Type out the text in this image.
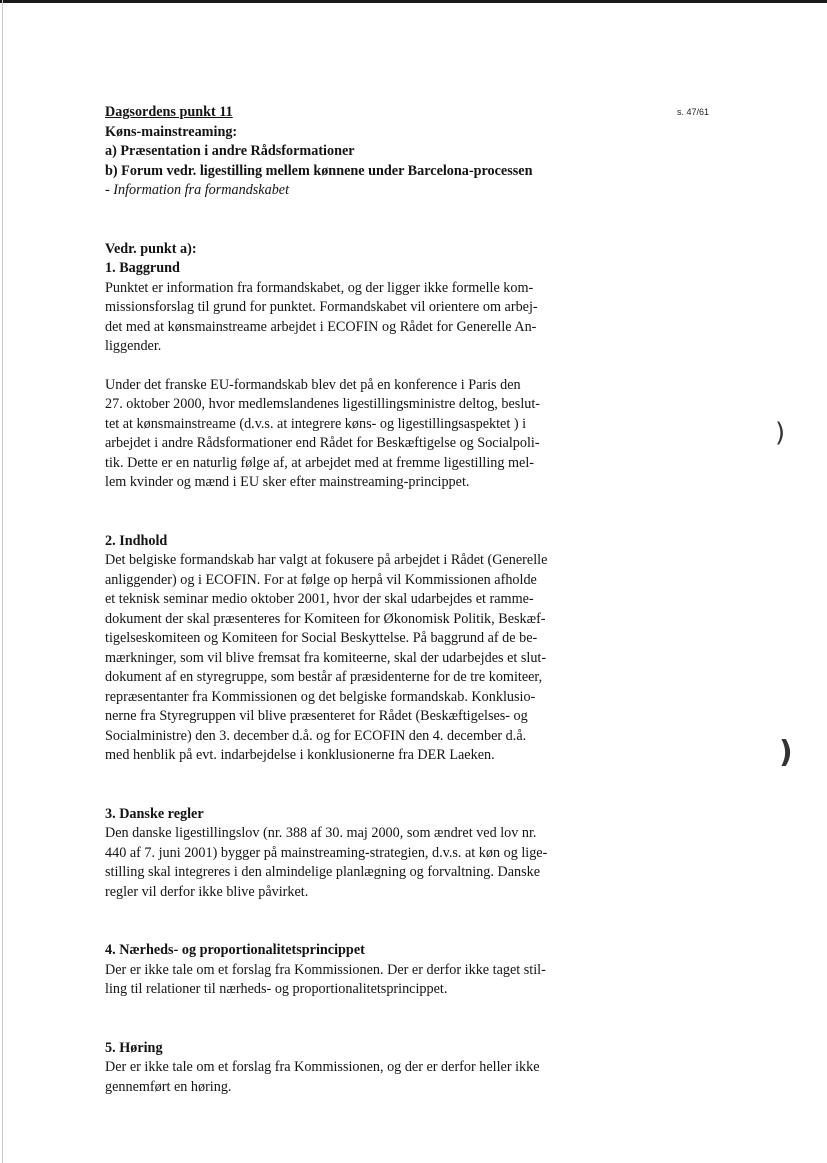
s. 47/61
)
)

Dagsordens punkt 11

Køns-mainstreaming:

a) Præsentation i andre Rådsformationer

b) Forum vedr. ligestilling mellem kønnene under Barcelona-processen

- Information fra formandskabet

Vedr. punkt a):

1. Baggrund

Punktet er information fra formandskabet, og der ligger ikke formelle kom-

missionsforslag til grund for punktet. Formandskabet vil orientere om arbej-

det med at kønsmainstreame arbejdet i ECOFIN og Rådet for Generelle An-

liggender.

Under det franske EU-formandskab blev det på en konference i Paris den

27. oktober 2000, hvor medlemslandenes ligestillingsministre deltog, beslut-

tet at kønsmainstreame (d.v.s. at integrere køns- og ligestillingsaspektet ) i

arbejdet i andre Rådsformationer end Rådet for Beskæftigelse og Socialpoli-

tik. Dette er en naturlig følge af, at arbejdet med at fremme ligestilling mel-

lem kvinder og mænd i EU sker efter mainstreaming-princippet.

2. Indhold

Det belgiske formandskab har valgt at fokusere på arbejdet i Rådet (Generelle

anliggender) og i ECOFIN. For at følge op herpå vil Kommissionen afholde

et teknisk seminar medio oktober 2001, hvor der skal udarbejdes et ramme-

dokument der skal præsenteres for Komiteen for Økonomisk Politik, Beskæf-

tigelseskomiteen og Komiteen for Social Beskyttelse. På baggrund af de be-

mærkninger, som vil blive fremsat fra komiteerne, skal der udarbejdes et slut-

dokument af en styregruppe, som består af præsidenterne for de tre komiteer,

repræsentanter fra Kommissionen og det belgiske formandskab. Konklusio-

nerne fra Styregruppen vil blive præsenteret for Rådet (Beskæftigelses- og

Socialministre) den 3. december d.å. og for ECOFIN den 4. december d.å.

med henblik på evt. indarbejdelse i konklusionerne fra DER Laeken.

3. Danske regler

Den danske ligestillingslov (nr. 388 af 30. maj 2000, som ændret ved lov nr.

440 af 7. juni 2001) bygger på mainstreaming-strategien, d.v.s. at køn og lige-

stilling skal integreres i den almindelige planlægning og forvaltning. Danske

regler vil derfor ikke blive påvirket.

4. Nærheds- og proportionalitetsprincippet

Der er ikke tale om et forslag fra Kommissionen. Der er derfor ikke taget stil-

ling til relationer til nærheds- og proportionalitetsprincippet.

5. Høring

Der er ikke tale om et forslag fra Kommissionen, og der er derfor heller ikke

gennemført en høring.
